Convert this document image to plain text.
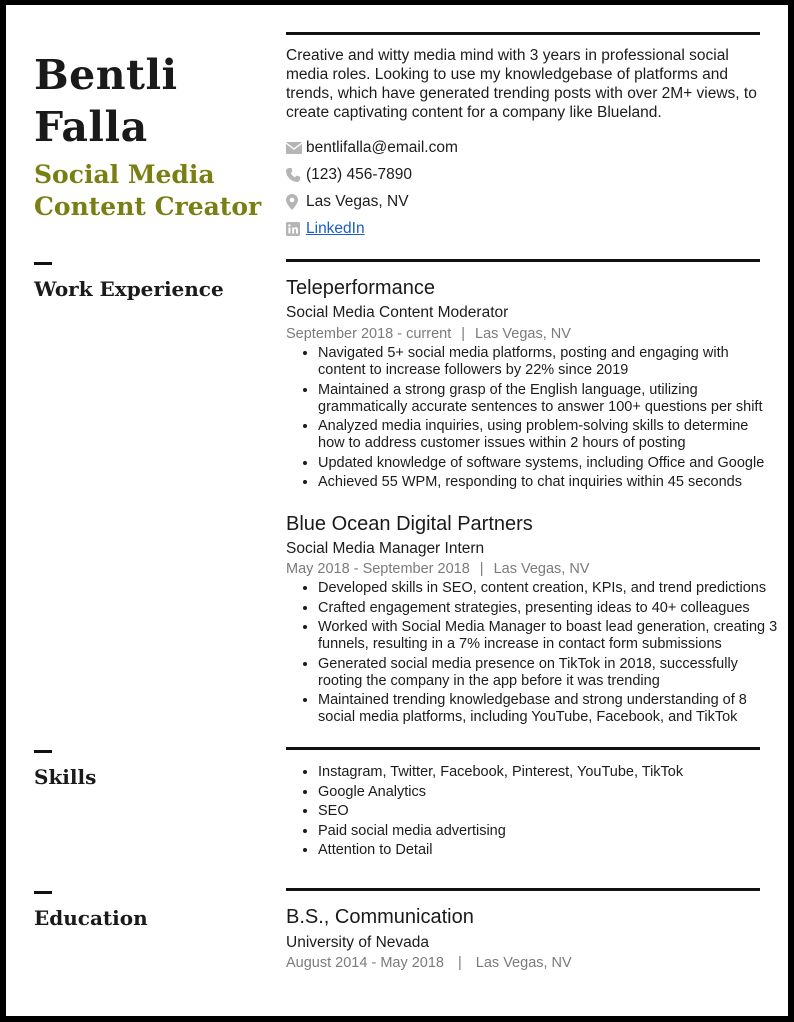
Bentli
Falla
Social Media
Content Creator
Creative and witty media mind with 3 years in professional social media roles. Looking to use my knowledgebase of platforms and trends, which have generated trending posts with over 2M+ views, to create captivating content for a company like Blueland.
bentlifalla@email.com
(123) 456-7890
Las Vegas, NV
LinkedIn
Work Experience	Teleperformance
Social Media Content Moderator
September 2018 - current | Las Vegas, NV
• Navigated 5+ social media platforms, posting and engaging with content to increase followers by 22% since 2019
• Maintained a strong grasp of the English language, utilizing grammatically accurate sentences to answer 100+ questions per shift
• Analyzed media inquiries, using problem-solving skills to determine how to address customer issues within 2 hours of posting
• Updated knowledge of software systems, including Office and Google
• Achieved 55 WPM, responding to chat inquiries within 45 seconds
Blue Ocean Digital Partners
Social Media Manager Intern
May 2018 - September 2018 | Las Vegas, NV
• Developed skills in SEO, content creation, KPIs, and trend predictions
• Crafted engagement strategies, presenting ideas to 40+ colleagues
• Worked with Social Media Manager to boast lead generation, creating 3 funnels, resulting in a 7% increase in contact form submissions
• Generated social media presence on TikTok in 2018, successfully rooting the company in the app before it was trending
• Maintained trending knowledgebase and strong understanding of 8 social media platforms, including YouTube, Facebook, and TikTok
Skills
•	Instagram, Twitter, Facebook, Pinterest, YouTube, TikTok
• Google Analytics
• SEO
• Paid social media advertising
• Attention to Detail
Education	B.S., Communication
University of Nevada
August 2014 - May 2018 | Las Vegas, NV
